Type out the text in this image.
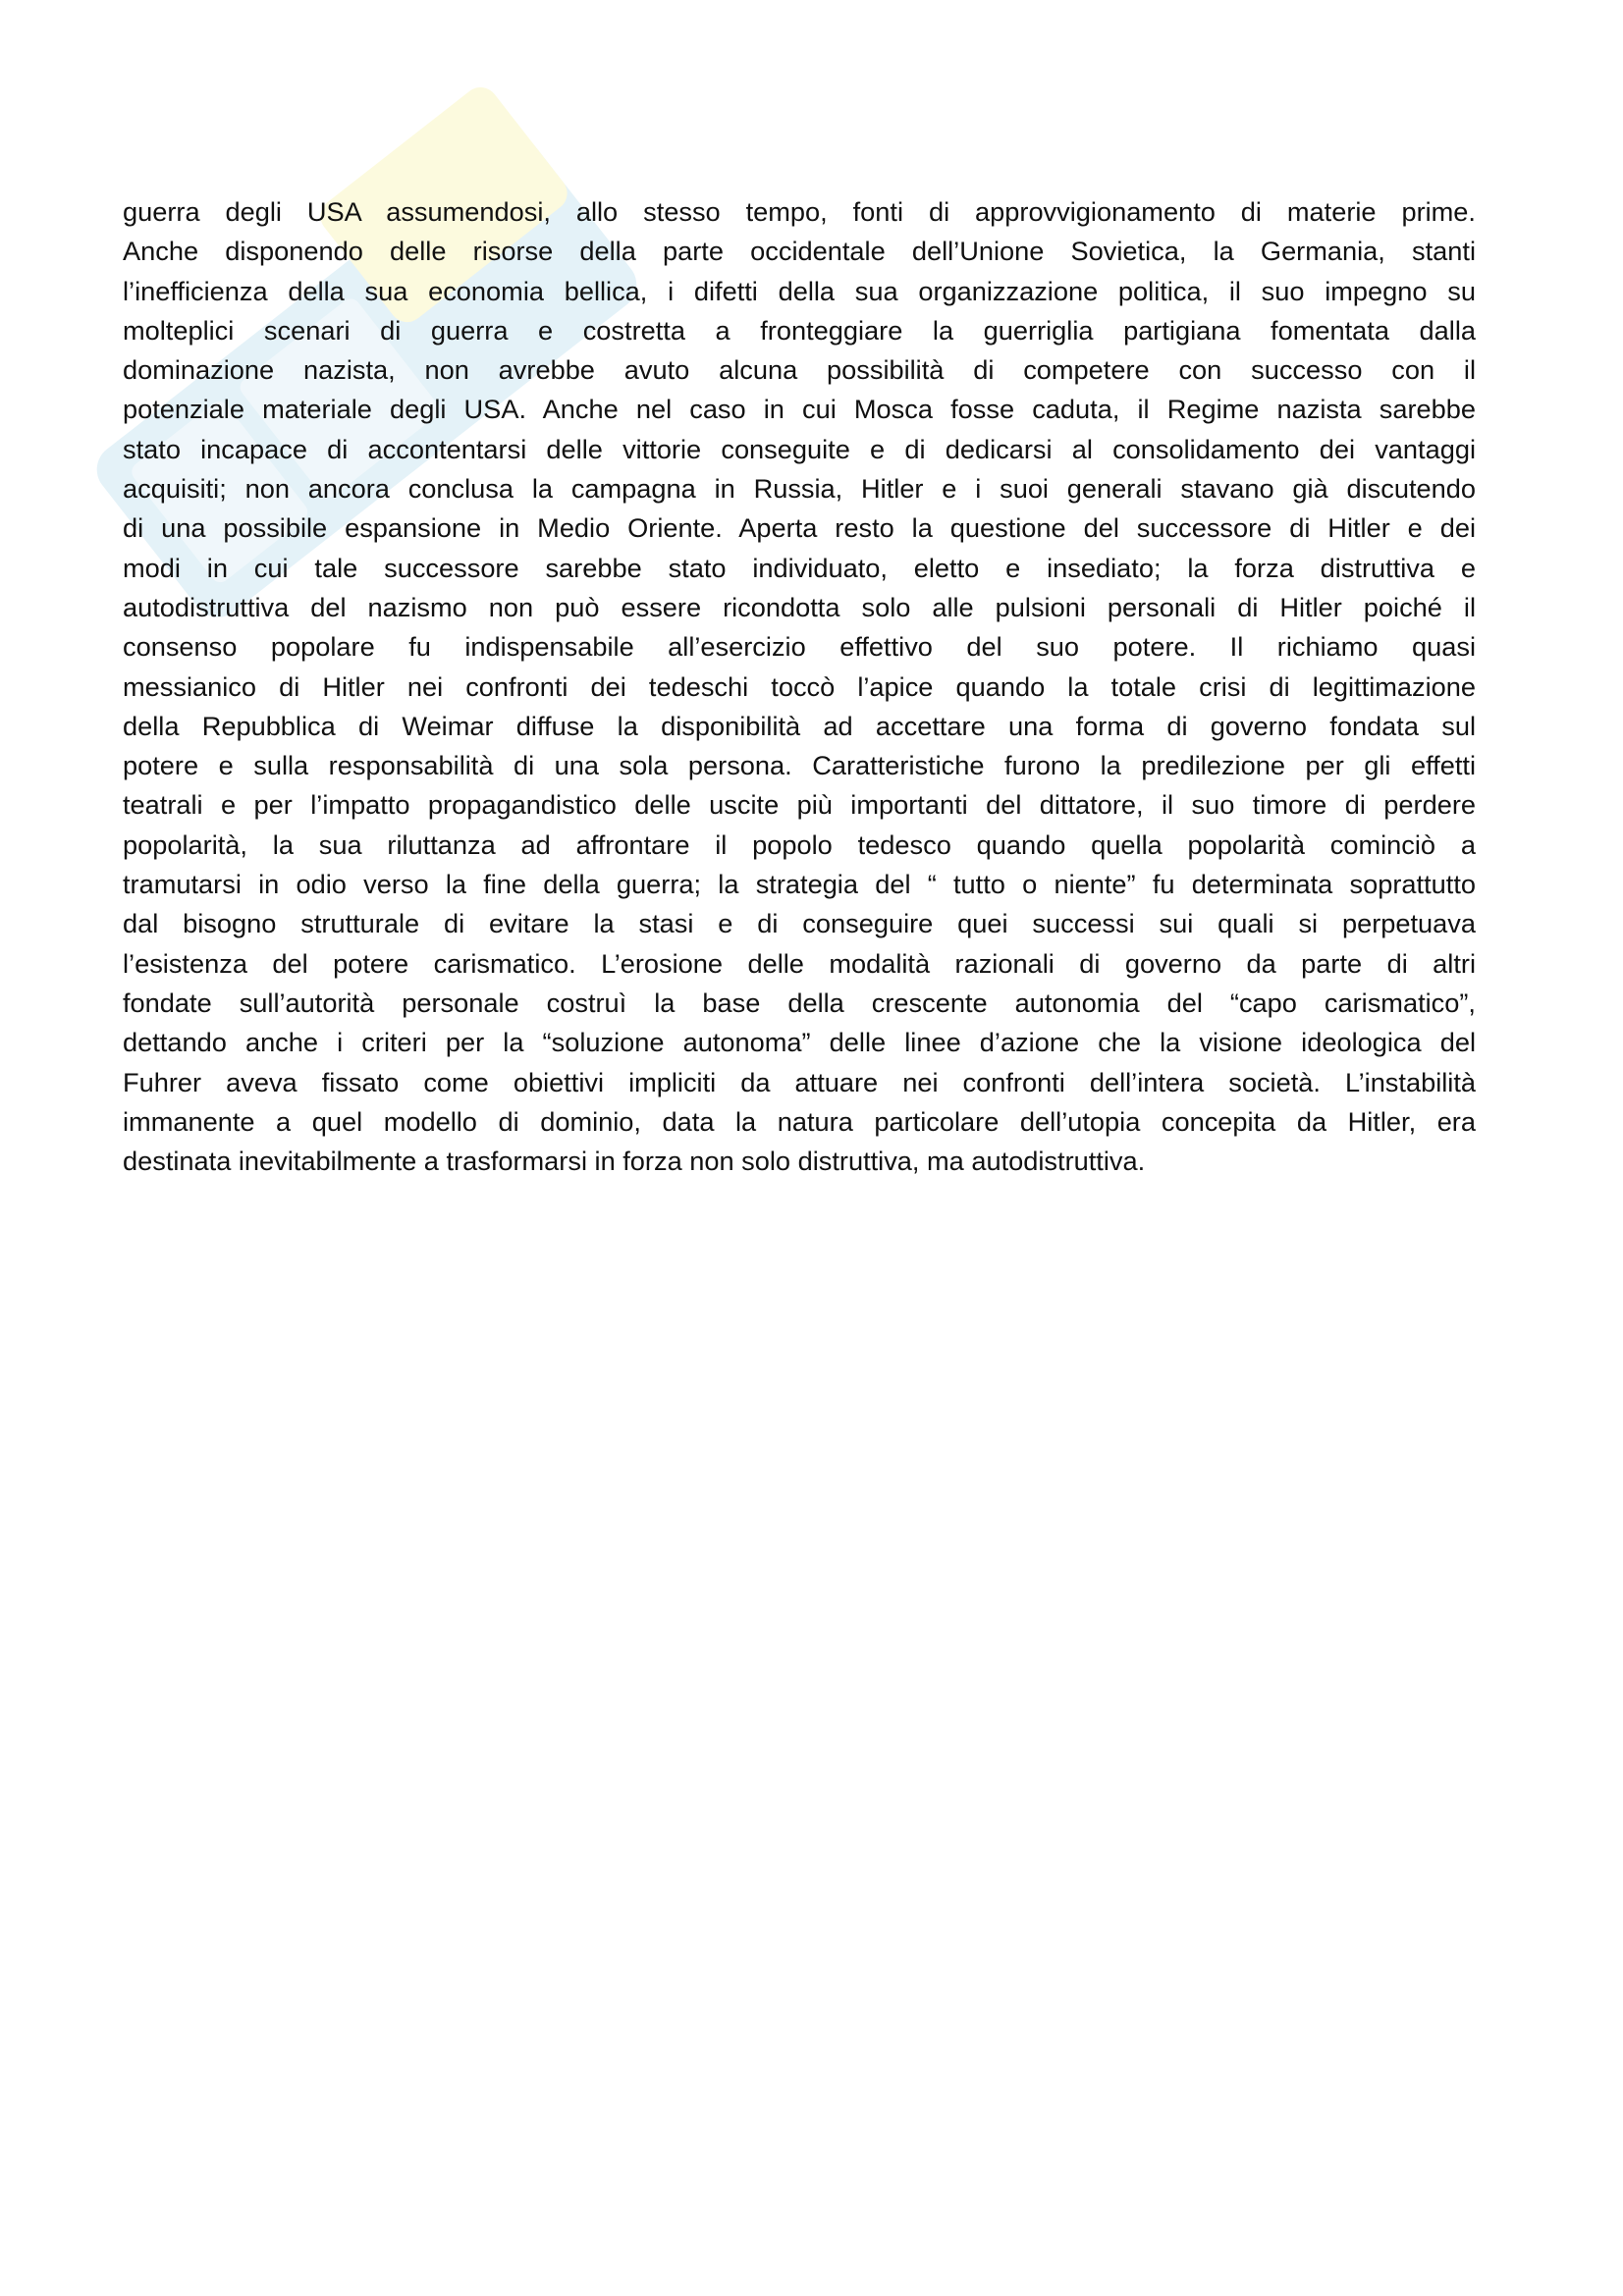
guerra degli USA assumendosi, allo stesso tempo, fonti di approvvigionamento di materie prime.
Anche disponendo delle risorse della parte occidentale dell’Unione Sovietica, la Germania, stanti
l’inefficienza della sua economia bellica, i difetti della sua organizzazione politica, il suo impegno su
molteplici scenari di guerra e costretta a fronteggiare la guerriglia partigiana fomentata dalla
dominazione nazista, non avrebbe avuto alcuna possibilità di competere con successo con il
potenziale materiale degli USA. Anche nel caso in cui Mosca fosse caduta, il Regime nazista sarebbe
stato incapace di accontentarsi delle vittorie conseguite e di dedicarsi al consolidamento dei vantaggi
acquisiti; non ancora conclusa la campagna in Russia, Hitler e i suoi generali stavano già discutendo
di una possibile espansione in Medio Oriente. Aperta resto la questione del successore di Hitler e dei
modi in cui tale successore sarebbe stato individuato, eletto e insediato; la forza distruttiva e
autodistruttiva del nazismo non può essere ricondotta solo alle pulsioni personali di Hitler poiché il
consenso popolare fu indispensabile all’esercizio effettivo del suo potere. Il richiamo quasi
messianico di Hitler nei confronti dei tedeschi toccò l’apice quando la totale crisi di legittimazione
della Repubblica di Weimar diffuse la disponibilità ad accettare una forma di governo fondata sul
potere e sulla responsabilità di una sola persona. Caratteristiche furono la predilezione per gli effetti
teatrali e per l’impatto propagandistico delle uscite più importanti del dittatore, il suo timore di perdere
popolarità, la sua riluttanza ad affrontare il popolo tedesco quando quella popolarità cominciò a
tramutarsi in odio verso la fine della guerra; la strategia del “ tutto o niente” fu determinata soprattutto
dal bisogno strutturale di evitare la stasi e di conseguire quei successi sui quali si perpetuava
l’esistenza del potere carismatico. L’erosione delle modalità razionali di governo da parte di altri
fondate sull’autorità personale costruì la base della crescente autonomia del “capo carismatico”,
dettando anche i criteri per la “soluzione autonoma” delle linee d’azione che la visione ideologica del
Fuhrer aveva fissato come obiettivi impliciti da attuare nei confronti dell’intera società. L’instabilità
immanente a quel modello di dominio, data la natura particolare dell’utopia concepita da Hitler, era
destinata inevitabilmente a trasformarsi in forza non solo distruttiva, ma autodistruttiva.
